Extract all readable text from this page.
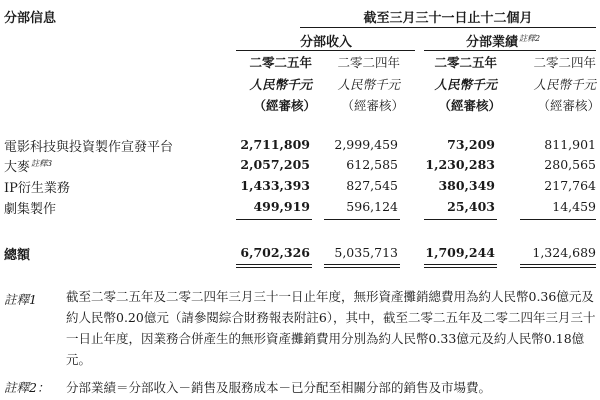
分部信息	截至三月三十一日止十二個月
分部收入	分部業績$^{註釋2}$
二零二五年	二零二四年	二零二五年	二零二四年
人民幣千元	人民幣千元	人民幣千元	人民幣千元
（經審核）	（經審核）	（經審核）	（經審核）
電影科技與投資製作宣發平台	2,711,809	2,999,459	73,209	811,901
大麥$^{註釋3}$	2,057,205	612,585	1,230,283	280,565
IP衍生業務	1,433,393	827,545	380,349	217,764
劇集製作	499,919	596,124	25,403	14,459
總額	6,702,326	5,035,713	1,709,244	1,324,689
註釋1 截至二零二五年及二零二四年三月三十一日止年度，無形資產攤銷總費用為約人民幣0.36億元及約人民幣0.20億元（請參閱綜合財務報表附註6），其中，截至二零二五年及二零二四年三月三十一日止年度，因業務合併產生的無形資產攤銷費用分別為約人民幣0.33億元及約人民幣0.18億元。
註釋2： 分部業績＝分部收入－銷售及服務成本－已分配至相關分部的銷售及市場費。
